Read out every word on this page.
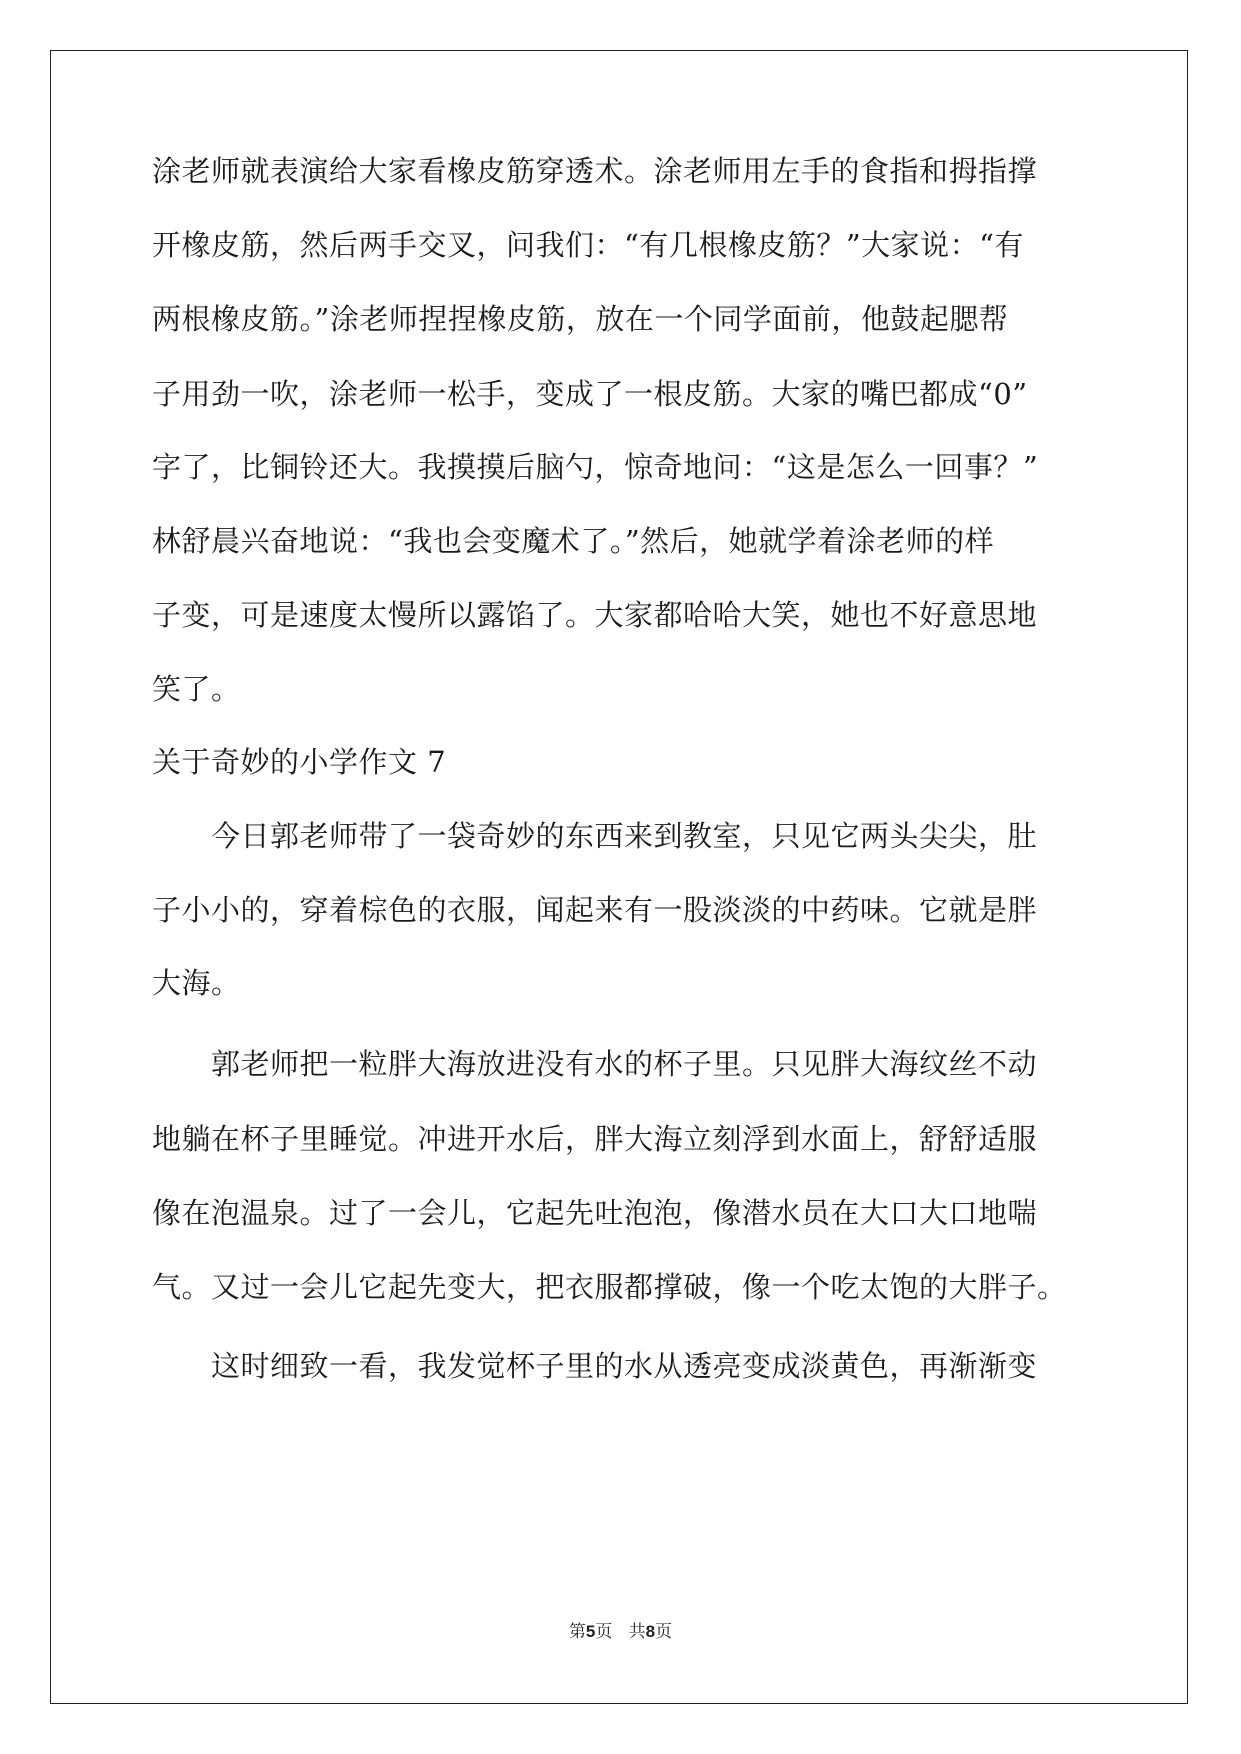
涂老师就表演给大家看橡皮筋穿透术。涂老师用左手的食指和拇指撑
开橡皮筋，然后两手交叉，问我们：“有几根橡皮筋？”大家说：“有
两根橡皮筋。”涂老师捏捏橡皮筋，放在一个同学面前，他鼓起腮帮
子用劲一吹，涂老师一松手，变成了一根皮筋。大家的嘴巴都成“0”
字了，比铜铃还大。我摸摸后脑勺，惊奇地问：“这是怎么一回事？”
林舒晨兴奋地说：“我也会变魔术了。”然后，她就学着涂老师的样
子变，可是速度太慢所以露馅了。大家都哈哈大笑，她也不好意思地
笑了。
关于奇妙的小学作文 7
　　今日郭老师带了一袋奇妙的东西来到教室，只见它两头尖尖，肚
子小小的，穿着棕色的衣服，闻起来有一股淡淡的中药味。它就是胖
大海。
　　郭老师把一粒胖大海放进没有水的杯子里。只见胖大海纹丝不动
地躺在杯子里睡觉。冲进开水后，胖大海立刻浮到水面上，舒舒适服
像在泡温泉。过了一会儿，它起先吐泡泡，像潜水员在大口大口地喘
气。又过一会儿它起先变大，把衣服都撑破，像一个吃太饱的大胖子。
　　这时细致一看，我发觉杯子里的水从透亮变成淡黄色，再渐渐变
第5页 共8页
